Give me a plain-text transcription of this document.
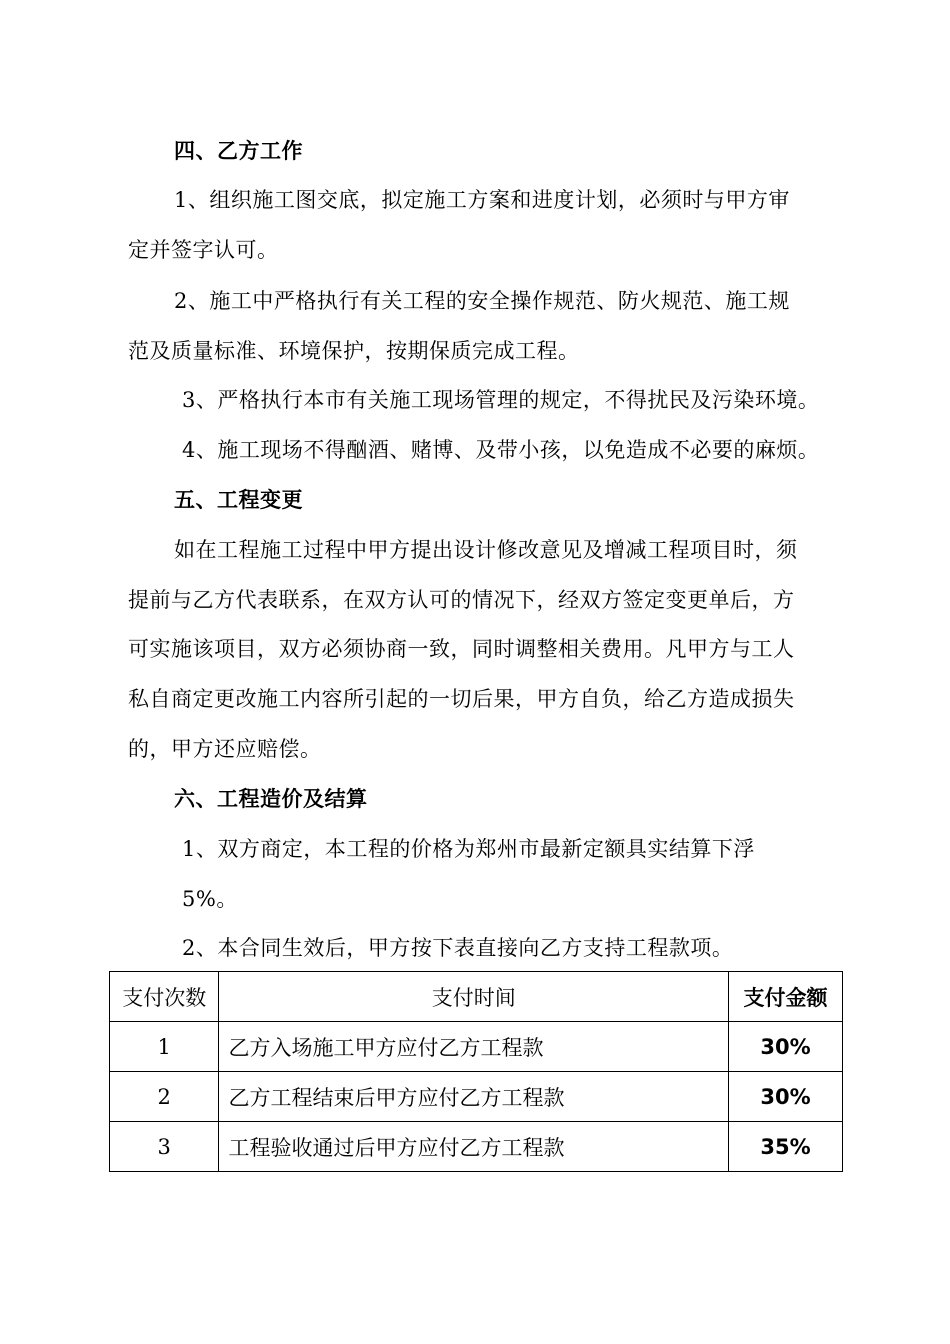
四、乙方工作
1、组织施工图交底，拟定施工方案和进度计划，必须时与甲方审
定并签字认可。
2、施工中严格执行有关工程的安全操作规范、防火规范、施工规
范及质量标准、环境保护，按期保质完成工程。
3、严格执行本市有关施工现场管理的规定，不得扰民及污染环境。
4、施工现场不得酗酒、赌博、及带小孩，以免造成不必要的麻烦。
五、工程变更
如在工程施工过程中甲方提出设计修改意见及增减工程项目时，须
提前与乙方代表联系，在双方认可的情况下，经双方签定变更单后，方
可实施该项目，双方必须协商一致，同时调整相关费用。凡甲方与工人
私自商定更改施工内容所引起的一切后果，甲方自负，给乙方造成损失
的，甲方还应赔偿。
六、工程造价及结算
1、双方商定，本工程的价格为郑州市最新定额具实结算下浮
5%。
2、本合同生效后，甲方按下表直接向乙方支持工程款项。
支付次数	支付时间	支付金额
1	乙方入场施工甲方应付乙方工程款	30%
2	乙方工程结束后甲方应付乙方工程款	30%
3	工程验收通过后甲方应付乙方工程款	35%
